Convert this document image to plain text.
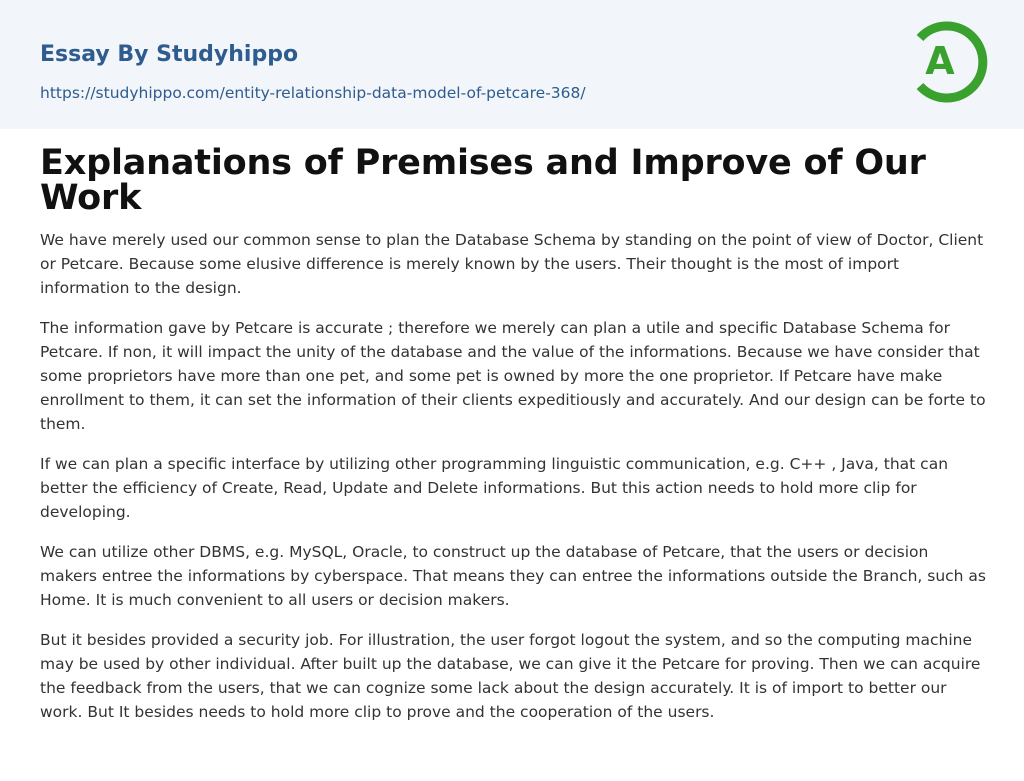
Essay By Studyhippo
https://studyhippo.com/entity-relationship-data-model-of-petcare-368/
A
Explanations of Premises and Improve of Our Work

We have merely used our common sense to plan the Database Schema by standing on the point of view of Doctor, Client or Petcare. Because some elusive difference is merely known by the users. Their thought is the most of import information to the design.

The information gave by Petcare is accurate ; therefore we merely can plan a utile and specific Database Schema for Petcare. If non, it will impact the unity of the database and the value of the informations. Because we have consider that some proprietors have more than one pet, and some pet is owned by more the one proprietor. If Petcare have make enrollment to them, it can set the information of their clients expeditiously and accurately. And our design can be forte to them.

If we can plan a specific interface by utilizing other programming linguistic communication, e.g. C++ , Java, that can better the efficiency of Create, Read, Update and Delete informations. But this action needs to hold more clip for developing.

We can utilize other DBMS, e.g. MySQL, Oracle, to construct up the database of Petcare, that the users or decision makers entree the informations by cyberspace. That means they can entree the informations outside the Branch, such as Home. It is much convenient to all users or decision makers.

But it besides provided a security job. For illustration, the user forgot logout the system, and so the computing machine may be used by other individual. After built up the database, we can give it the Petcare for proving. Then we can acquire the feedback from the users, that we can cognize some lack about the design accurately. It is of import to better our work. But It besides needs to hold more clip to prove and the cooperation of the users.
